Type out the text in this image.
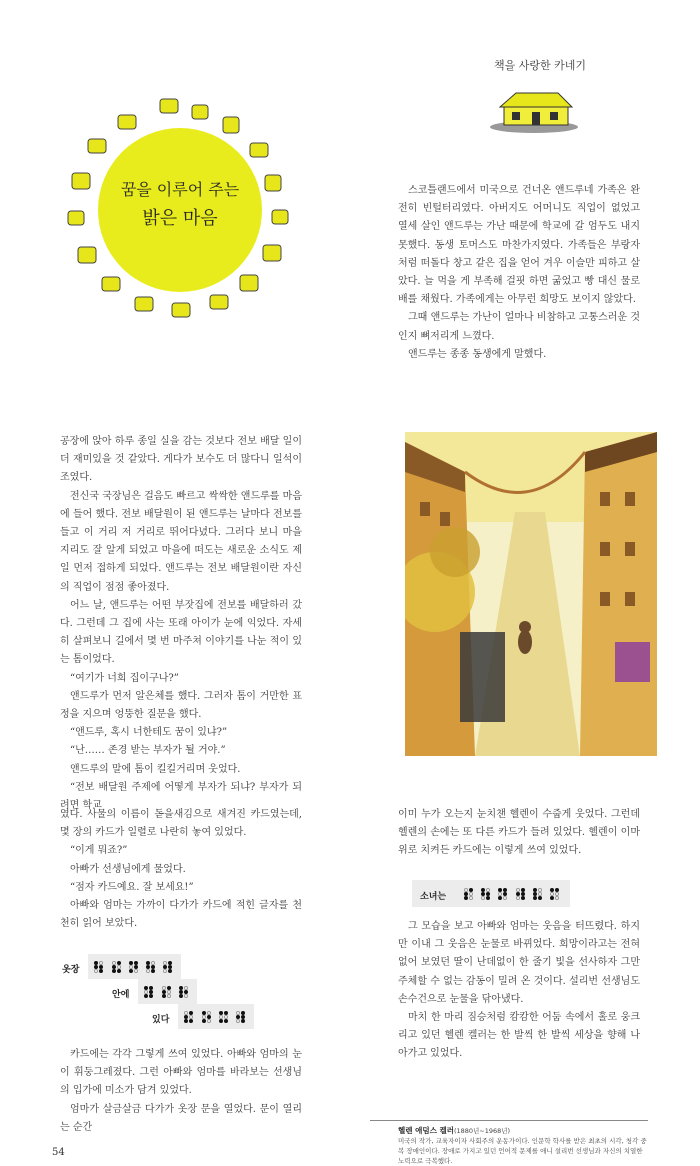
꿈을 이루어 주는
밝은 마음
책을 사랑한 카네기

스코틀랜드에서 미국으로 건너온 앤드루네 가족은 완전히 빈털터리였다. 아버지도 어머니도 직업이 없었고 열세 살인 앤드루는 가난 때문에 학교에 갈 엄두도 내지 못했다. 동생 토머스도 마찬가지였다. 가족들은 부랑자처럼 떠돌다 창고 같은 집을 얻어 겨우 이슬만 피하고 살았다. 늘 먹을 게 부족해 걸핏 하면 굶었고 빵 대신 물로 배를 채웠다. 가족에게는 아무런 희망도 보이지 않았다.

그때 앤드루는 가난이 얼마나 비참하고 고통스러운 것인지 뼈저리게 느꼈다.

앤드루는 종종 동생에게 말했다.

공장에 앉아 하루 종일 실을 감는 것보다 전보 배달 일이 더 재미있을 것 같았다. 게다가 보수도 더 많다니 일석이조였다.

전신국 국장님은 걸음도 빠르고 싹싹한 앤드루를 마음에 들어 했다. 전보 배달원이 된 앤드루는 날마다 전보를 들고 이 거리 저 거리로 뛰어다녔다. 그러다 보니 마을 지리도 잘 알게 되었고 마을에 떠도는 새로운 소식도 제일 먼저 접하게 되었다. 앤드루는 전보 배달원이란 자신의 직업이 점점 좋아졌다.

어느 날, 앤드루는 어떤 부잣집에 전보를 배달하러 갔다. 그런데 그 집에 사는 또래 아이가 눈에 익었다. 자세히 살펴보니 길에서 몇 번 마주쳐 이야기를 나눈 적이 있는 톰이었다.

“여기가 너희 집이구나?”

앤드루가 먼저 알은체를 했다. 그러자 톰이 거만한 표정을 지으며 엉뚱한 질문을 했다.

“앤드루, 혹시 너한테도 꿈이 있냐?”

“난…… 존경 받는 부자가 될 거야.”

앤드루의 말에 톰이 킬킬거리며 웃었다.

“전보 배달원 주제에 어떻게 부자가 되냐? 부자가 되려면 학교

였다. 사물의 이름이 돋을새김으로 새겨진 카드였는데, 몇 장의 카드가 일렬로 나란히 놓여 있었다.

“이게 뭐죠?”

아빠가 선생님에게 물었다.

“점자 카드예요. 잘 보세요!”

아빠와 엄마는 가까이 다가가 카드에 적힌 글자를 천천히 읽어 보았다.

옷장

안에

있다

카드에는 각각 그렇게 쓰여 있었다. 아빠와 엄마의 눈이 휘둥그레졌다. 그런 아빠와 엄마를 바라보는 선생님의 입가에 미소가 담겨 있었다.

엄마가 살금살금 다가가 옷장 문을 열었다. 문이 열리는 순간

이미 누가 오는지 눈치챈 헬렌이 수줍게 웃었다. 그런데 헬렌의 손에는 또 다른 카드가 들려 있었다. 헬렌이 이마 위로 치켜든 카드에는 이렇게 쓰여 있었다.

소녀는

그 모습을 보고 아빠와 엄마는 웃음을 터뜨렸다. 하지만 이내 그 웃음은 눈물로 바뀌었다. 희망이라고는 전혀 없어 보였던 딸이 난데없이 한 줄기 빛을 선사하자 그만 주체할 수 없는 감동이 밀려 온 것이다. 설리번 선생님도 손수건으로 눈물을 닦아냈다.

마치 한 마리 짐승처럼 캄캄한 어둠 속에서 홀로 웅크리고 있던 헬렌 켈러는 한 발씩 한 발씩 세상을 향해 나아가고 있었다.

헬렌 애덤스 켈러(1880년~1968년)
미국의 작가, 교육자이자 사회주의 운동가이다. 인문학 학사를 받은 최초의 시각, 청각 중복 장애인이다. 장애로 가지고 있던 언어적 문제를 애니 설리번 선생님과 자신의 치열한 노력으로 극복했다.
54
